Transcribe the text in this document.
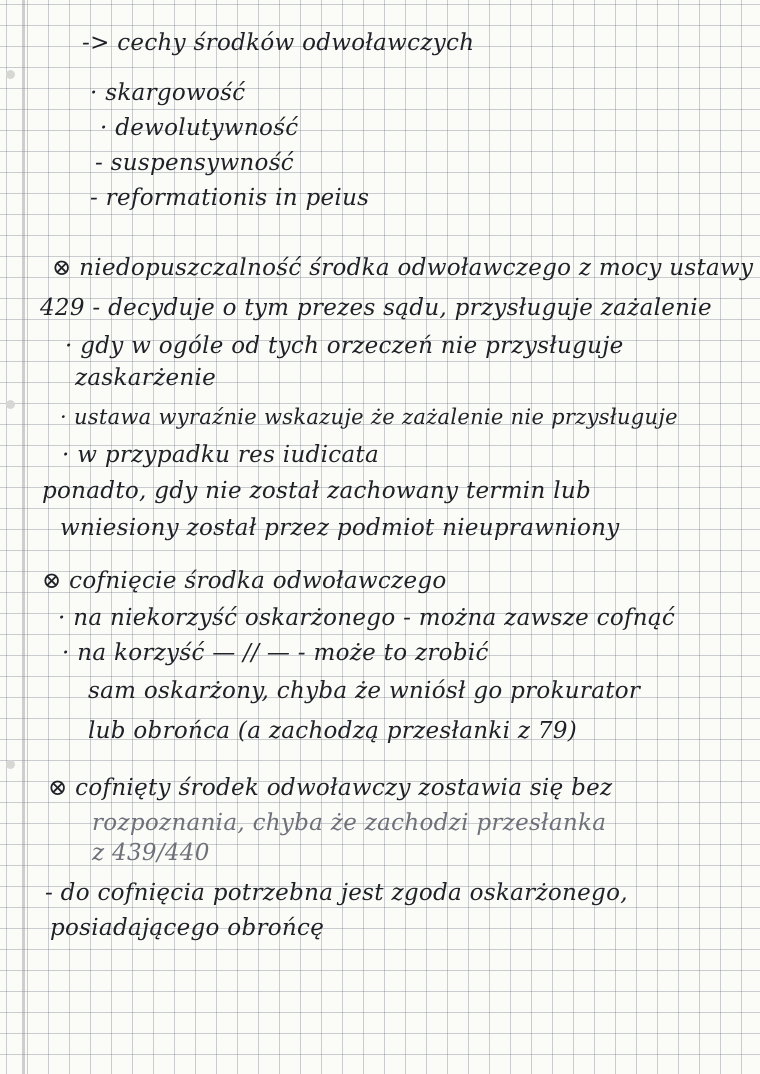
-> cechy środków odwoławczych
· skargowość
· dewolutywność
- suspensywność
- reformationis in peius
⊗ niedopuszczalność środka odwoławczego z mocy ustawy
429 - decyduje o tym prezes sądu, przysługuje zażalenie
· gdy w ogóle od tych orzeczeń nie przysługuje
zaskarżenie
· ustawa wyraźnie wskazuje że zażalenie nie przysługuje
· w przypadku res iudicata
ponadto, gdy nie został zachowany termin lub
wniesiony został przez podmiot nieuprawniony
⊗ cofnięcie środka odwoławczego
· na niekorzyść oskarżonego - można zawsze cofnąć
· na korzyść — // — - może to zrobić
sam oskarżony, chyba że wniósł go prokurator
lub obrońca (a zachodzą przesłanki z 79)
⊗ cofnięty środek odwoławczy zostawia się bez
rozpoznania, chyba że zachodzi przesłanka
z 439/440
- do cofnięcia potrzebna jest zgoda oskarżonego,
posiadającego obrońcę
